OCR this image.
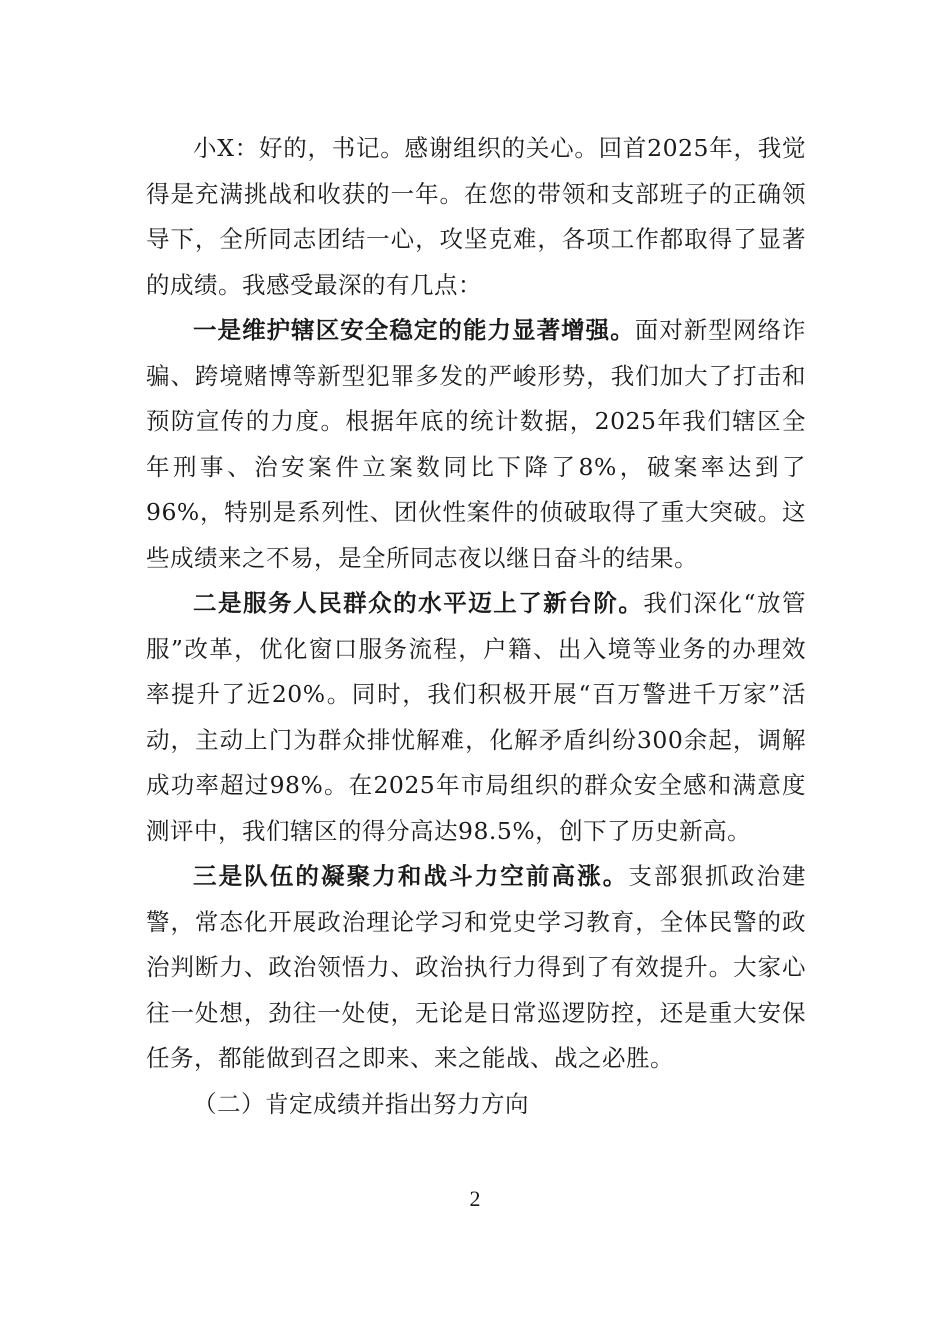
小X：好的，书记。感谢组织的关心。回首2025年，我觉得是充满挑战和收获的一年。在您的带领和支部班子的正确领导下，全所同志团结一心，攻坚克难，各项工作都取得了显著的成绩。我感受最深的有几点：

一是维护辖区安全稳定的能力显著增强。面对新型网络诈骗、跨境赌博等新型犯罪多发的严峻形势，我们加大了打击和预防宣传的力度。根据年底的统计数据，2025年我们辖区全年刑事、治安案件立案数同比下降了8%，破案率达到了96%，特别是系列性、团伙性案件的侦破取得了重大突破。这些成绩来之不易，是全所同志夜以继日奋斗的结果。

二是服务人民群众的水平迈上了新台阶。我们深化“放管服”改革，优化窗口服务流程，户籍、出入境等业务的办理效率提升了近20%。同时，我们积极开展“百万警进千万家”活动，主动上门为群众排忧解难，化解矛盾纠纷300余起，调解成功率超过98%。在2025年市局组织的群众安全感和满意度测评中，我们辖区的得分高达98.5%，创下了历史新高。

三是队伍的凝聚力和战斗力空前高涨。支部狠抓政治建警，常态化开展政治理论学习和党史学习教育，全体民警的政治判断力、政治领悟力、政治执行力得到了有效提升。大家心往一处想，劲往一处使，无论是日常巡逻防控，还是重大安保任务，都能做到召之即来、来之能战、战之必胜。

（二）肯定成绩并指出努力方向

2
